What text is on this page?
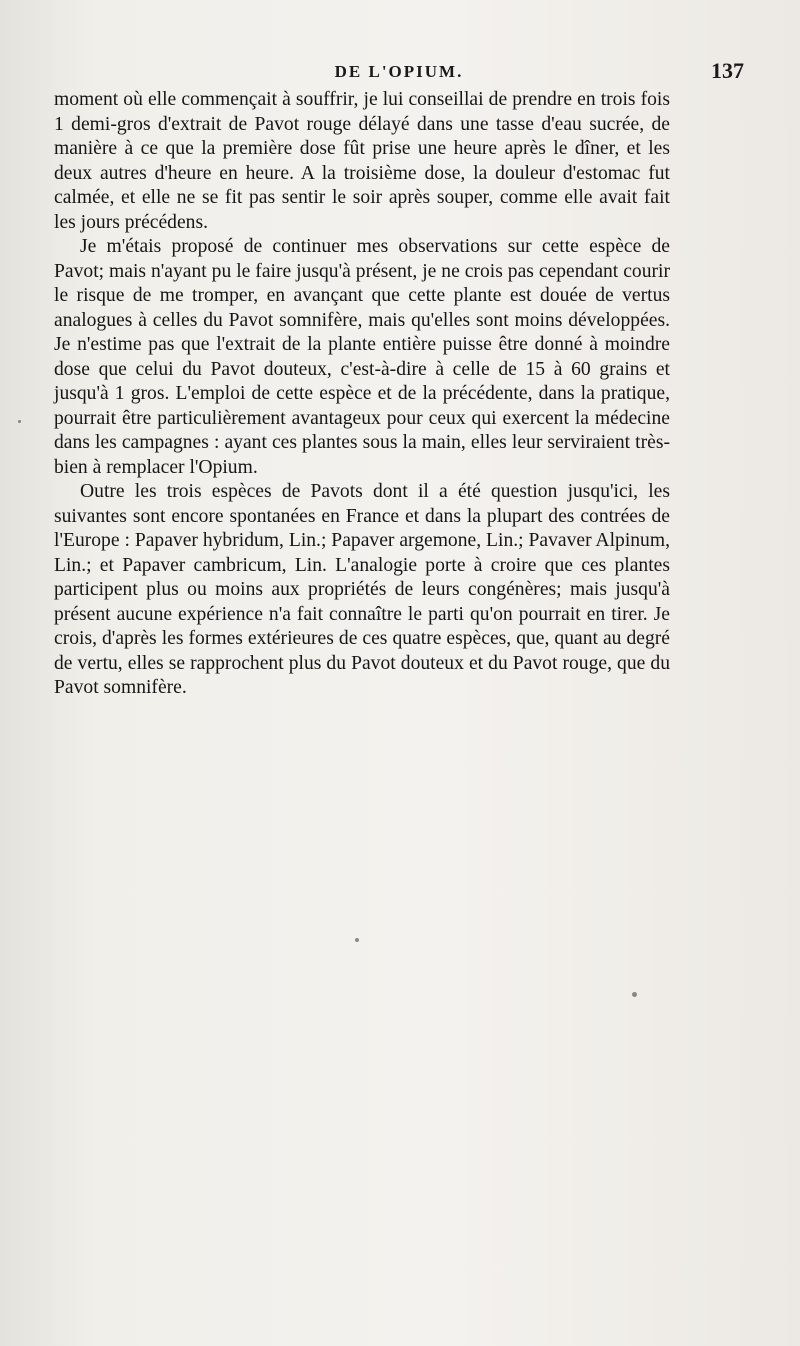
DE L'OPIUM.	137

moment où elle commençait à souffrir, je lui conseillai de prendre en trois fois 1 demi-gros d'extrait de Pavot rouge délayé dans une tasse d'eau sucrée, de manière à ce que la première dose fût prise une heure après le dîner, et les deux autres d'heure en heure. A la troisième dose, la douleur d'estomac fut calmée, et elle ne se fit pas sentir le soir après souper, comme elle avait fait les jours précédens.

Je m'étais proposé de continuer mes observations sur cette espèce de Pavot; mais n'ayant pu le faire jusqu'à présent, je ne crois pas cependant courir le risque de me tromper, en avançant que cette plante est douée de vertus analogues à celles du Pavot somnifère, mais qu'elles sont moins développées. Je n'estime pas que l'extrait de la plante entière puisse être donné à moindre dose que celui du Pavot douteux, c'est-à-dire à celle de 15 à 60 grains et jusqu'à 1 gros. L'emploi de cette espèce et de la précédente, dans la pratique, pourrait être particulièrement avantageux pour ceux qui exercent la médecine dans les campagnes : ayant ces plantes sous la main, elles leur serviraient très-bien à remplacer l'Opium.

Outre les trois espèces de Pavots dont il a été question jusqu'ici, les suivantes sont encore spontanées en France et dans la plupart des contrées de l'Europe : Papaver hybridum, Lin.; Papaver argemone, Lin.; Pavaver Alpinum, Lin.; et Papaver cambricum, Lin. L'analogie porte à croire que ces plantes participent plus ou moins aux propriétés de leurs congénères; mais jusqu'à présent aucune expérience n'a fait connaître le parti qu'on pourrait en tirer. Je crois, d'après les formes extérieures de ces quatre espèces, que, quant au degré de vertu, elles se rapprochent plus du Pavot douteux et du Pavot rouge, que du Pavot somnifère.
